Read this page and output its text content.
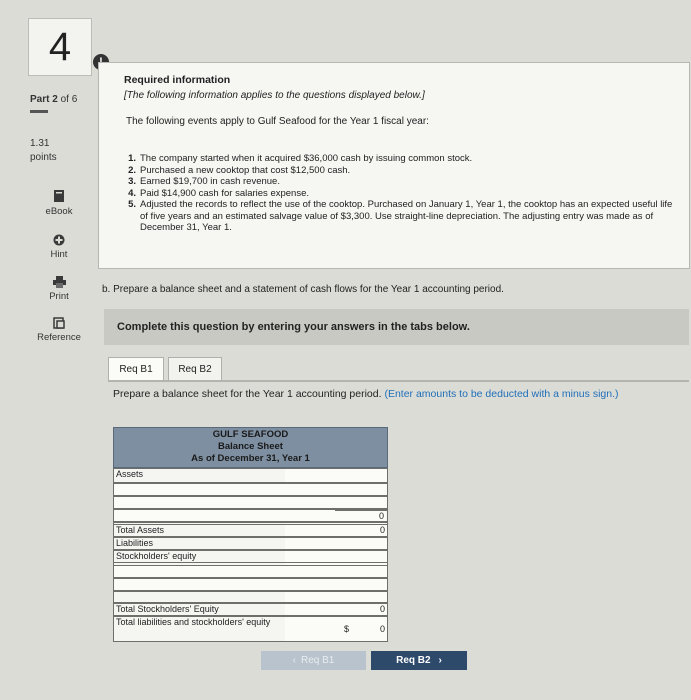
4
Part 2 of 6
1.31
points
eBook
Hint
Print
Reference
Required information
[The following information applies to the questions displayed below.]
The following events apply to Gulf Seafood for the Year 1 fiscal year:
1. The company started when it acquired $36,000 cash by issuing common stock.
2. Purchased a new cooktop that cost $12,500 cash.
3. Earned $19,700 in cash revenue.
4. Paid $14,900 cash for salaries expense.
5. Adjusted the records to reflect the use of the cooktop. Purchased on January 1, Year 1, the cooktop has an expected useful life of five years and an estimated salvage value of $3,300. Use straight-line depreciation. The adjusting entry was made as of December 31, Year 1.
b. Prepare a balance sheet and a statement of cash flows for the Year 1 accounting period.
Complete this question by entering your answers in the tabs below.
Req B1	Req B2
Prepare a balance sheet for the Year 1 accounting period. (Enter amounts to be deducted with a minus sign.)
GULF SEAFOOD
Balance Sheet
As of December 31, Year 1
Assets
0
Total Assets	0
Liabilities
Stockholders' equity
Total Stockholders' Equity	0
Total liabilities and stockholders' equity
$	0
‹ Req B1	Req B2 ›
